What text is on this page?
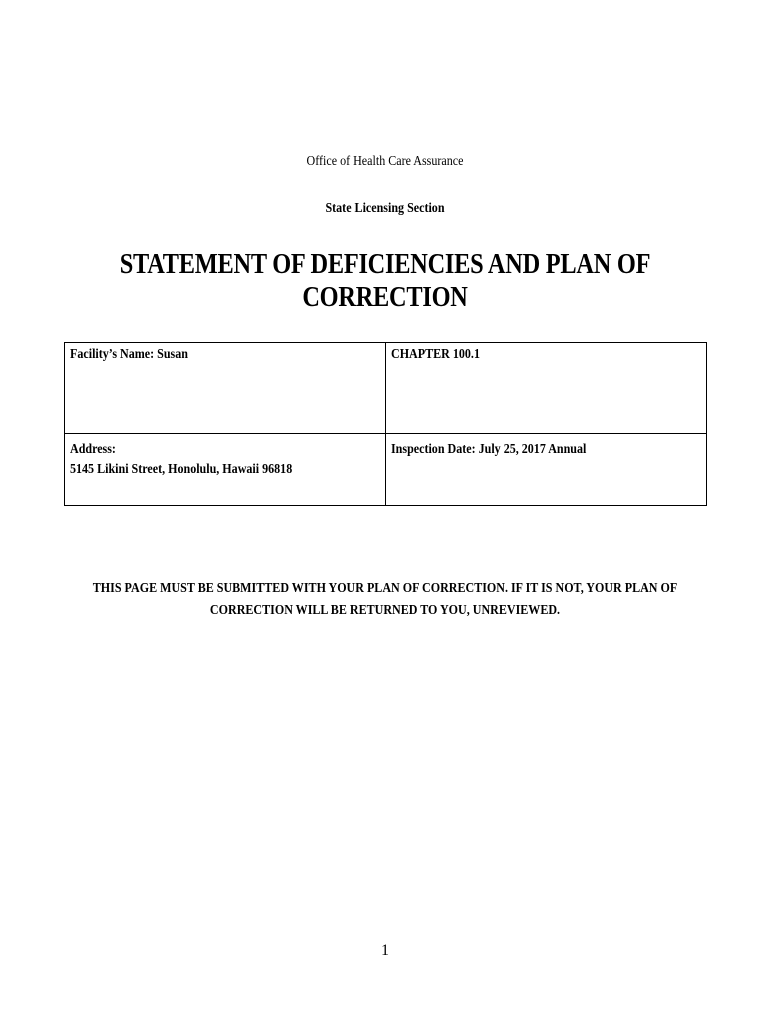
Office of Health Care Assurance
State Licensing Section
STATEMENT OF DEFICIENCIES AND PLAN OF CORRECTION
Facility’s Name: Susan	CHAPTER 100.1
Address:
5145 Likini Street, Honolulu, Hawaii 96818
Inspection Date: July 25, 2017 Annual
THIS PAGE MUST BE SUBMITTED WITH YOUR PLAN OF CORRECTION. IF IT IS NOT, YOUR PLAN OF
CORRECTION WILL BE RETURNED TO YOU, UNREVIEWED.
1
